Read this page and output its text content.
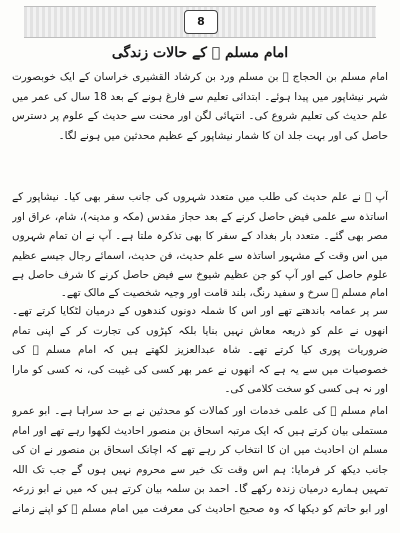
8
امام مسلم ﷫ کے حالات زندگی
امام مسلم بن الحجاج ﷫ بن مسلم ورد بن کرشاد القشیری خراسان کے ایک خوبصورت شہر نیشاپور میں پیدا ہوئے۔ ابتدائی تعلیم سے فارغ ہونے کے بعد 18 سال کی عمر میں علم حدیث کی تعلیم شروع کی۔ انتہائی لگن اور محنت سے حدیث کے علوم پر دسترس حاصل کی اور بہت جلد ان کا شمار نیشاپور کے عظیم محدثین میں ہونے لگا۔
آپ ﷫ نے علم حدیث کی طلب میں متعدد شہروں کی جانب سفر بھی کیا۔ نیشاپور کے اساتذہ سے علمی فیض حاصل کرنے کے بعد حجاز مقدس (مکہ و مدینہ)، شام، عراق اور مصر بھی گئے۔ متعدد بار بغداد کے سفر کا بھی تذکرہ ملتا ہے۔ آپ نے ان تمام شہروں میں اس وقت کے مشہور اساتذہ سے علم حدیث، فن حدیث، اسمائے رجال جیسے عظیم علوم حاصل کیے اور آپ کو جن عظیم شیوخ سے فیض حاصل کرنے کا شرف حاصل ہے
امام مسلم ﷫ سرخ و سفید رنگ، بلند قامت اور وجیہ شخصیت کے مالک تھے۔
سر پر عمامہ باندھتے تھے اور اس کا شملہ دونوں کندھوں کے درمیان لٹکایا کرتے تھے۔ انھوں نے علم کو ذریعہ معاش نہیں بنایا بلکہ کپڑوں کی تجارت کر کے اپنی تمام ضروریات پوری کیا کرتے تھے۔ شاہ عبدالعزیز لکھتے ہیں کہ امام مسلم ﷫ کی خصوصیات میں سے یہ ہے کہ انھوں نے عمر بھر کسی کی غیبت کی، نہ کسی کو مارا اور نہ ہی کسی کو سخت کلامی کی۔
امام مسلم ﷫ کی علمی خدمات اور کمالات کو محدثین نے بے حد سراہا ہے۔ ابو عمرو مستملی بیان کرتے ہیں کہ ایک مرتبہ اسحاق بن منصور احادیث لکھوا رہے تھے اور امام مسلم ان احادیث میں ان کا انتخاب کر رہے تھے کہ اچانک اسحاق بن منصور نے ان کی جانب دیکھ کر فرمایا: ہم اس وقت تک خیر سے محروم نہیں ہوں گے جب تک اللہ تمہیں ہمارے درمیان زندہ رکھے گا۔ احمد بن سلمہ بیان کرتے ہیں کہ میں نے ابو زرعہ اور ابو حاتم کو دیکھا کہ وہ صحیح احادیث کی معرفت میں امام مسلم ﷫ کو اپنے زمانے
